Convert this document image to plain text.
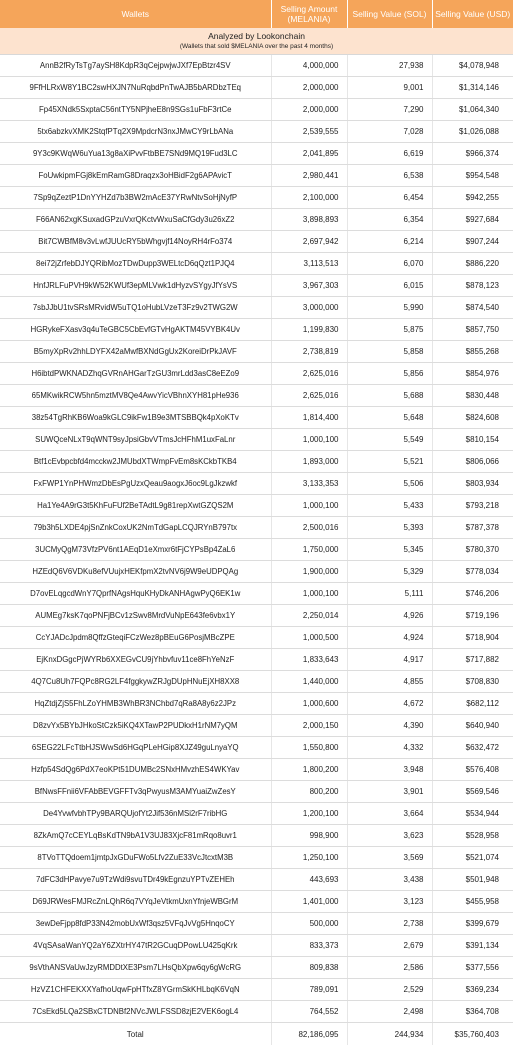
Wallets	Selling Amount (MELANIA)	Selling Value (SOL)	Selling Value (USD)

Analyzed by Lookonchain
(Wallets that sold $MELANIA over the past 4 months)			

AnnB2fRyTsTg7aySH8KdpR3qCejpwjwJXf7EpBtzr4SV	4,000,000	27,938	$4,078,948
9FfHLRxW8Y1BC2swHXJN7NuRqbdPnTwAJB5bARDbzTEq	2,000,000	9,001	$1,314,146
Fp45XNdk5SxptaC56ntTY5NPjheE8n9SGs1uFbF3rtCe	2,000,000	7,290	$1,064,340
5tx6abzkvXMK2StqfPTq2X9MpdcrN3nxJMwCY9rLbANa	2,539,555	7,028	$1,026,088
9Y3c9KWqW6uYua13g8aXiPvvFtbBE7SNd9MQ19Fud3LC	2,041,895	6,619	$966,374
FoUwkipmFGj8kEmRamG8Draqzx3oHBidF2g6APAvicT	2,980,441	6,538	$954,548
7Sp9qZeztP1DnYYHZd7b3BW2mAcE37YRwNtvSoHjNyfP	2,100,000	6,454	$942,255
F66AN62xgKSuxadGPzuVxrQKctvWxuSaCfGdy3u26xZ2	3,898,893	6,354	$927,684
Bit7CWBfM8v3vLwfJUUcRY5bWhgvjf14NoyRH4rFo374	2,697,942	6,214	$907,244
8ei72jZrfebDJYQRibMozTDwDupp3WELtcD6qQzt1PJQ4	3,113,513	6,070	$886,220
HnfJRLFuPVH9kW52KWUf3epMLVwk1dHyzvSYgyJfYsVS	3,967,303	6,015	$878,123
7sbJJbU1tvSRsMRvidW5uTQ1oHubLVzeT3Fz9v2TWG2W	3,000,000	5,990	$874,540
HGRykeFXasv3q4uTeGBC5CbEvfGTvHgAKTM45VYBK4Uv	1,199,830	5,875	$857,750
B5myXpRv2hhLDYFX42aMwfBXNdGgUx2KoreiDrPkJAVF	2,738,819	5,858	$855,268
H6ibtdPWKNADZhqGVRnAHGarTzGU3mrLdd3asC8eEZo9	2,625,016	5,856	$854,976
65MKwikRCW5hn5mztMV8Qe4AwvYicVBhnXYH81pHe936	2,625,016	5,688	$830,448
38z54TgRhKB6Woa9kGLC9ikFw1B9e3MTSBBQk4pXoKTv	1,814,400	5,648	$824,608
SUWQceNLxT9qWNT9syJpsiGbvVTmsJcHFhM1uxFaLnr	1,000,100	5,549	$810,154
Btf1cEvbpcbfd4mcckw2JMUbdXTWmpFvEm8sKCkbTKB4	1,893,000	5,521	$806,066
FxFWP1YnPHWmzDbEsPgUzxQeau9aogxJ6oc9LgJkzwkf	3,133,353	5,506	$803,934
Ha1Ye4A9rG3t5KhFuFUf2BeTAdtL9g81repXwtGZQS2M	1,000,100	5,433	$793,218
79b3h5LXDE4pjSnZnkCoxUK2NmTdGapLCQJRYnB797tx	2,500,016	5,393	$787,378
3UCMyQgM73VfzPV6nt1AEqD1eXmxr6tFjCYPsBp4ZaL6	1,750,000	5,345	$780,370
HZEdQ6V6VDKu8efVUujxHEKfpmX2tvNV6j9W9eUDPQAg	1,900,000	5,329	$778,034
D7ovELqgcdWnY7QprfNAgsHquKHyDkANHAgwPyQ6EK1w	1,000,100	5,111	$746,206
AUMEg7ksK7qoPNFjBCv1zSwv8MrdVuNpE643fe6vbx1Y	2,250,014	4,926	$719,196
CcYJADcJpdm8QffzGteqiFCzWez8pBEuG6PosjMBcZPE	1,000,500	4,924	$718,904
EjKnxDGgcPjWYRb6XXEGvCU9jYhbvfuv11ce8FhYeNzF	1,833,643	4,917	$717,882
4Q7Cu8Uh7FQPc8RG2LF4fggkywZRJgDUpHNuEjXH8XX8	1,440,000	4,855	$708,830
HqZtdjZjS5FhLZoYHMB3WhBR3NChbd7qRa8A8y6z2JPz	1,000,600	4,672	$682,112
D8zvYx5BYbJHkoStCzk5iKQ4XTawP2PUDkxH1rNM7yQM	2,000,150	4,390	$640,940
6SEG22LFcTtbHJSWwSd6HGqPLeHGip8XJZ49guLnyaYQ	1,550,800	4,332	$632,472
Hzfp54SdQg6PdX7eoKPt51DUMBc2SNxHMvzhES4WKYav	1,800,200	3,948	$576,408
BfNwsFFnii6VFAbBEVGFFTv3qPwyusM3AMYuaiZwZesY	800,200	3,901	$569,546
De4YvwfvbhTPy9BARQUjofYt2Jif536nMSi2rF7ribHG	1,200,100	3,664	$534,944
8ZkAmQ7cCEYLqBsKdTN9bA1V3UJ83XjcF81mRqo8uvr1	998,900	3,623	$528,958
8TVoTTQdoem1jmtpJxGDuFWo5Lfv2ZuE33VcJtcxtM3B	1,250,100	3,569	$521,074
7dFC3dHPavye7u9TzWdi9svuTDr49kEgnzuYPTvZEHEh	443,693	3,438	$501,948
D69JRWesFMJRcZnLQhR6q7VYqJeVtkmUxnYfnjeWBGrM	1,401,000	3,123	$455,958
3ewDeFjpp8fdP33N42mobUxWf3qsz5VFqJvVg5HnqoCY	500,000	2,738	$399,679
4VqSAsaWanYQ2aY6ZXtrHY47tR2GCuqDPowLU425qKrk	833,373	2,679	$391,134
9sVthANSVaUwJzyRMDDtXE3Psm7LHsQbXpw6qy6gWcRG	809,838	2,586	$377,556
HzVZ1CHFEKXXYafhoUqwFpHTfxZ8YGrmSkKHLbqK6VqN	789,091	2,529	$369,234
7CsEkd5LQa2SBxCTDNBf2NVcJWLFSSD8zjE2VEK6ogL4	764,552	2,498	$364,708
Total	82,186,095	244,934	$35,760,403
